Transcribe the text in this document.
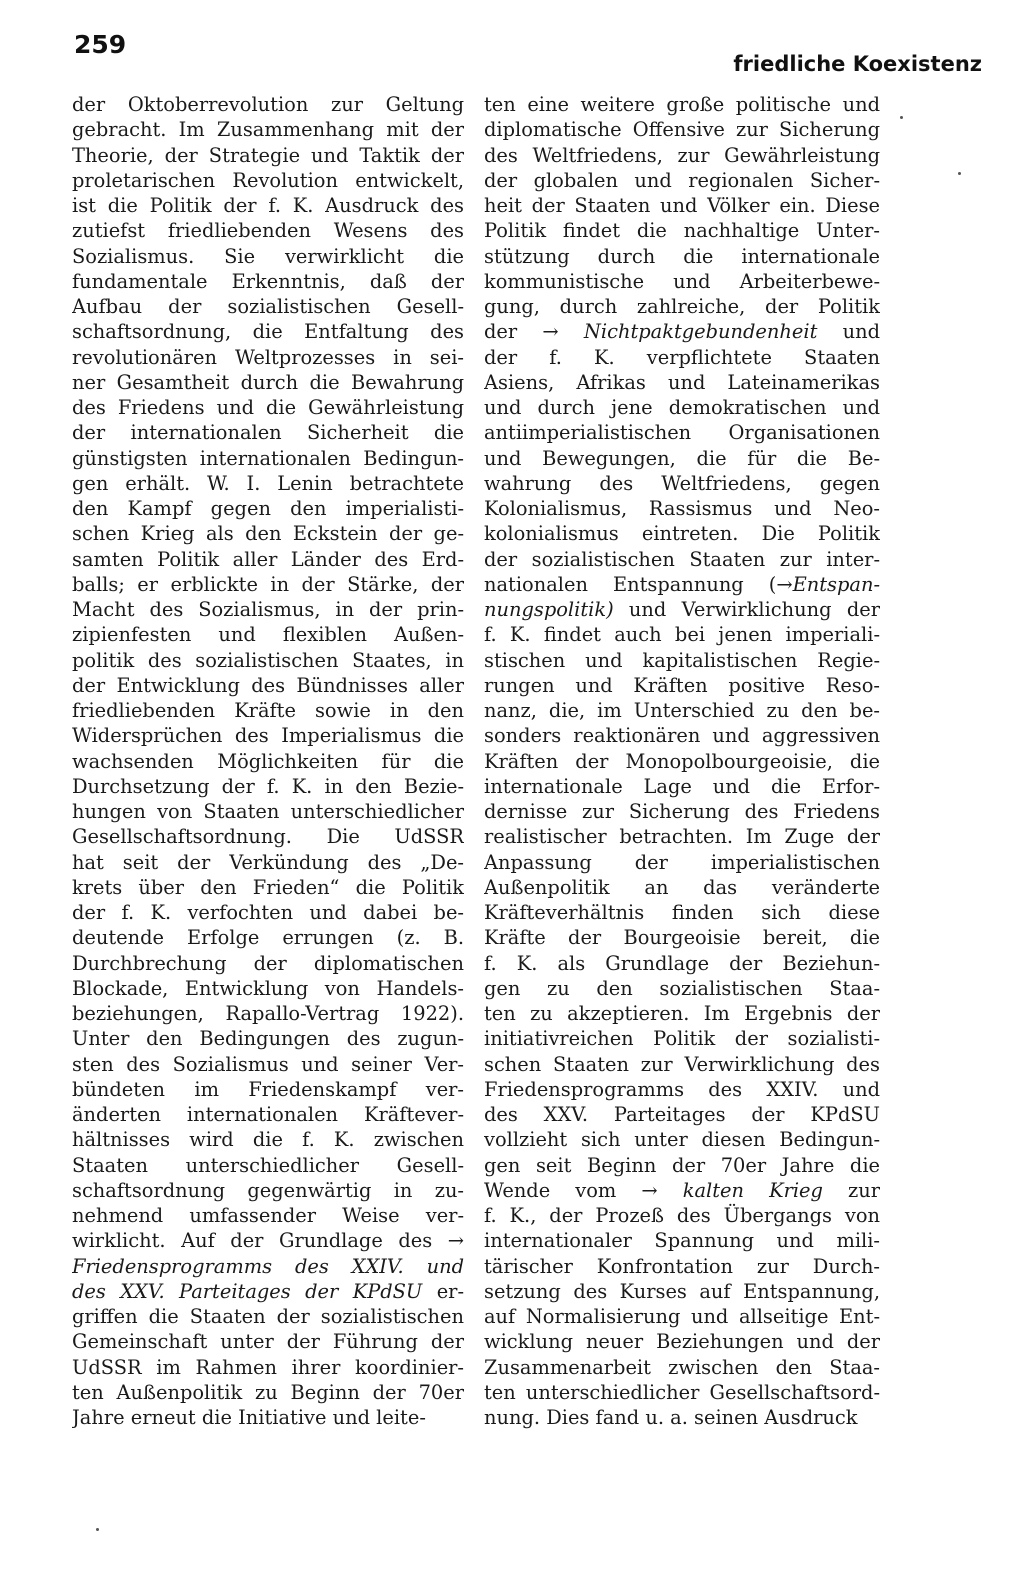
259
friedliche Koexistenz
der Oktoberrevolution zur Geltung
gebracht. Im Zusammenhang mit der
Theorie, der Strategie und Taktik der
proletarischen Revolution entwickelt,
ist die Politik der f. K. Ausdruck des
zutiefst friedliebenden Wesens des
Sozialismus. Sie verwirklicht die
fundamentale Erkenntnis, daß der
Aufbau der sozialistischen Gesell-
schaftsordnung, die Entfaltung des
revolutionären Weltprozesses in sei-
ner Gesamtheit durch die Bewahrung
des Friedens und die Gewährleistung
der internationalen Sicherheit die
günstigsten internationalen Bedingun-
gen erhält. W. I. Lenin betrachtete
den Kampf gegen den imperialisti-
schen Krieg als den Eckstein der ge-
samten Politik aller Länder des Erd-
balls; er erblickte in der Stärke, der
Macht des Sozialismus, in der prin-
zipienfesten und flexiblen Außen-
politik des sozialistischen Staates, in
der Entwicklung des Bündnisses aller
friedliebenden Kräfte sowie in den
Widersprüchen des Imperialismus die
wachsenden Möglichkeiten für die
Durchsetzung der f. K. in den Bezie-
hungen von Staaten unterschiedlicher
Gesellschaftsordnung. Die UdSSR
hat seit der Verkündung des „De-
krets über den Frieden“ die Politik
der f. K. verfochten und dabei be-
deutende Erfolge errungen (z. B.
Durchbrechung der diplomatischen
Blockade, Entwicklung von Handels-
beziehungen, Rapallo-Vertrag 1922).
Unter den Bedingungen des zugun-
sten des Sozialismus und seiner Ver-
bündeten im Friedenskampf ver-
änderten internationalen Kräftever-
hältnisses wird die f. K. zwischen
Staaten unterschiedlicher Gesell-
schaftsordnung gegenwärtig in zu-
nehmend umfassender Weise ver-
wirklicht. Auf der Grundlage des →
Friedensprogramms des XXIV. und
des XXV. Parteitages der KPdSU er-
griffen die Staaten der sozialistischen
Gemeinschaft unter der Führung der
UdSSR im Rahmen ihrer koordinier-
ten Außenpolitik zu Beginn der 70er
Jahre erneut die Initiative und leite-
ten eine weitere große politische und
diplomatische Offensive zur Sicherung
des Weltfriedens, zur Gewährleistung
der globalen und regionalen Sicher-
heit der Staaten und Völker ein. Diese
Politik findet die nachhaltige Unter-
stützung durch die internationale
kommunistische und Arbeiterbewe-
gung, durch zahlreiche, der Politik
der → Nichtpaktgebundenheit und
der f. K. verpflichtete Staaten
Asiens, Afrikas und Lateinamerikas
und durch jene demokratischen und
antiimperialistischen Organisationen
und Bewegungen, die für die Be-
wahrung des Weltfriedens, gegen
Kolonialismus, Rassismus und Neo-
kolonialismus eintreten. Die Politik
der sozialistischen Staaten zur inter-
nationalen Entspannung (→Entspan-
nungspolitik) und Verwirklichung der
f. K. findet auch bei jenen imperiali-
stischen und kapitalistischen Regie-
rungen und Kräften positive Reso-
nanz, die, im Unterschied zu den be-
sonders reaktionären und aggressiven
Kräften der Monopolbourgeoisie, die
internationale Lage und die Erfor-
dernisse zur Sicherung des Friedens
realistischer betrachten. Im Zuge der
Anpassung der imperialistischen
Außenpolitik an das veränderte
Kräfteverhältnis finden sich diese
Kräfte der Bourgeoisie bereit, die
f. K. als Grundlage der Beziehun-
gen zu den sozialistischen Staa-
ten zu akzeptieren. Im Ergebnis der
initiativreichen Politik der sozialisti-
schen Staaten zur Verwirklichung des
Friedensprogramms des XXIV. und
des XXV. Parteitages der KPdSU
vollzieht sich unter diesen Bedingun-
gen seit Beginn der 70er Jahre die
Wende vom → kalten Krieg zur
f. K., der Prozeß des Übergangs von
internationaler Spannung und mili-
tärischer Konfrontation zur Durch-
setzung des Kurses auf Entspannung,
auf Normalisierung und allseitige Ent-
wicklung neuer Beziehungen und der
Zusammenarbeit zwischen den Staa-
ten unterschiedlicher Gesellschaftsord-
nung. Dies fand u. a. seinen Ausdruck
